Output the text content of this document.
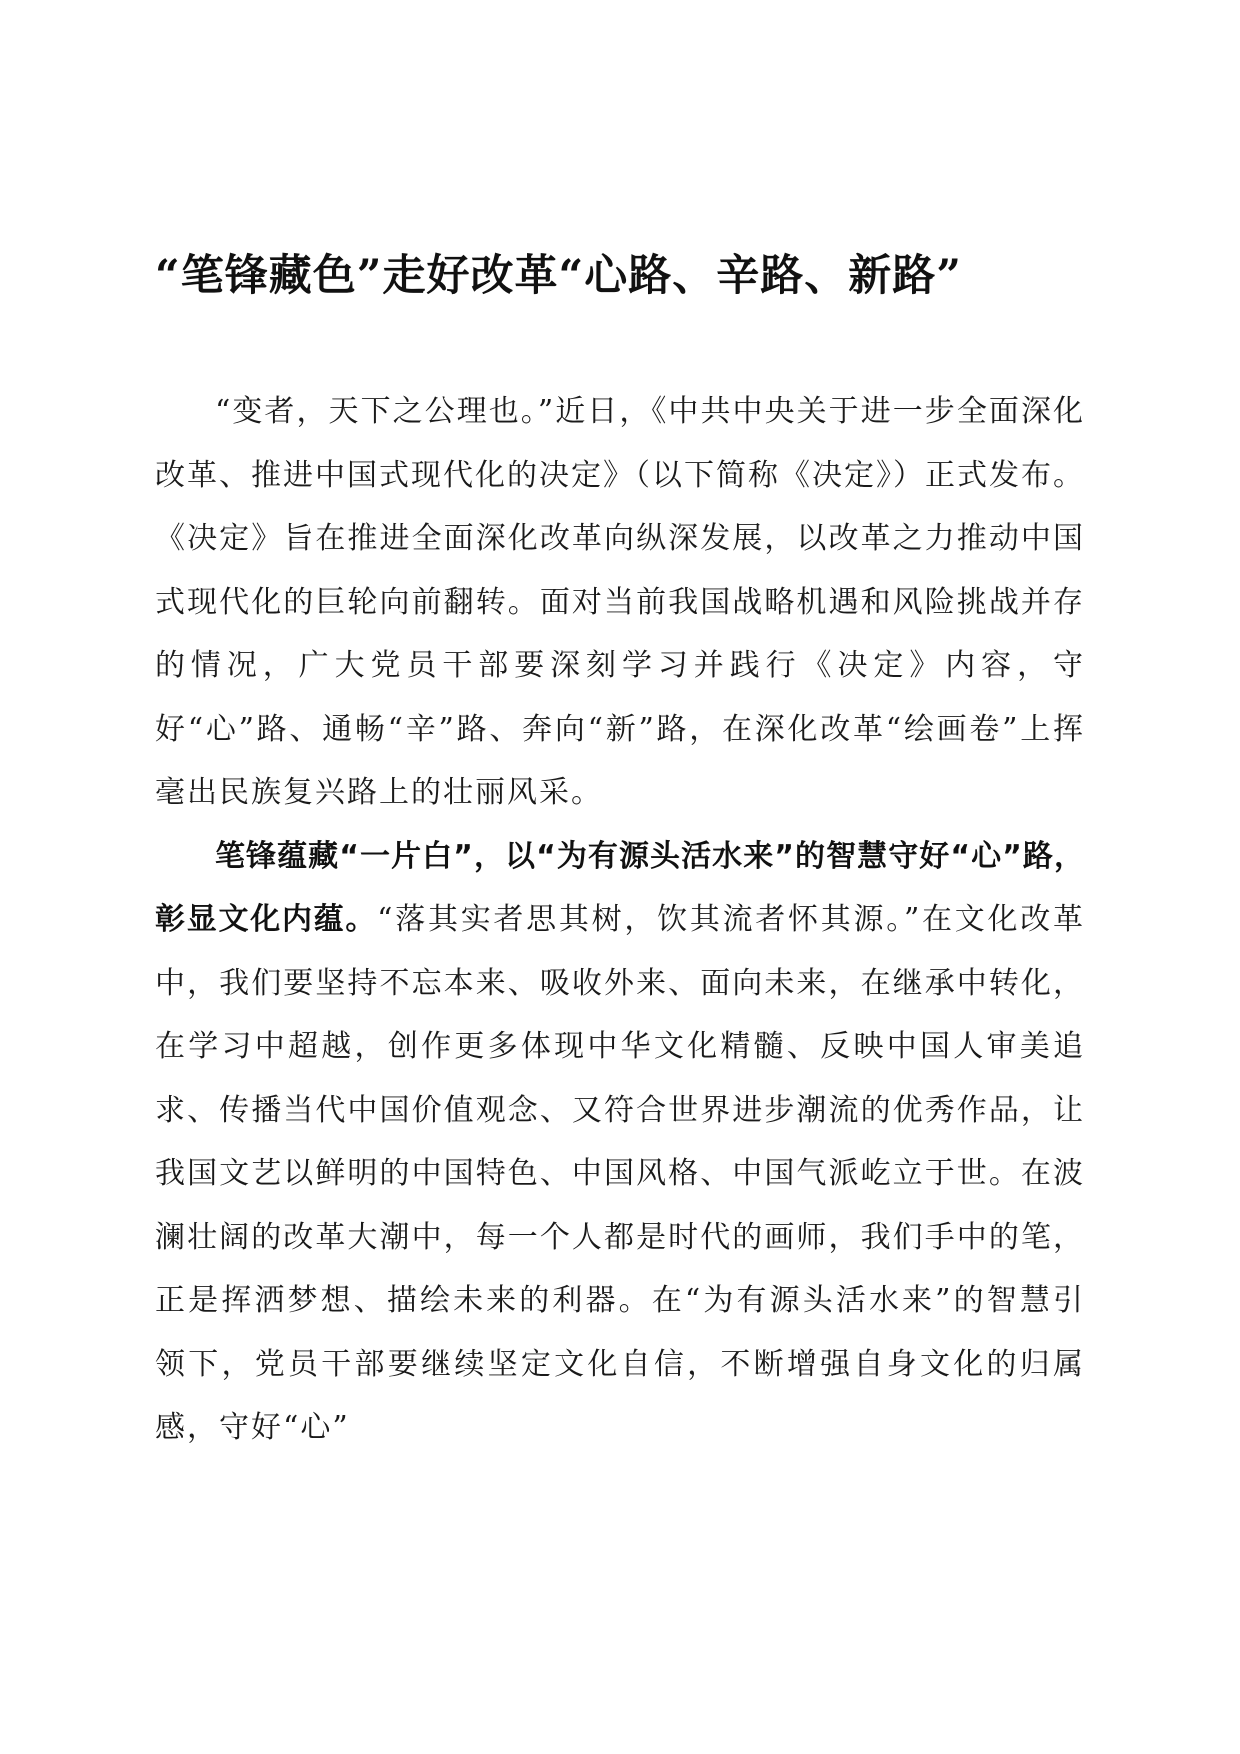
“笔锋藏色”走好改革“心路、辛路、新路”

“变者，天下之公理也。”近日，《中共中央关于进一步全面深化改革、推进中国式现代化的决定》（以下简称《决定》）正式发布。《决定》旨在推进全面深化改革向纵深发展，以改革之力推动中国式现代化的巨轮向前翻转。面对当前我国战略机遇和风险挑战并存的情况，广大党员干部要深刻学习并践行《决定》内容，守好“心”路、通畅“辛”路、奔向“新”路，在深化改革“绘画卷”上挥毫出民族复兴路上的壮丽风采。

笔锋蕴藏“一片白”，以“为有源头活水来”的智慧守好“心”路，彰显文化内蕴。“落其实者思其树，饮其流者怀其源。”在文化改革中，我们要坚持不忘本来、吸收外来、面向未来，在继承中转化，在学习中超越，创作更多体现中华文化精髓、反映中国人审美追求、传播当代中国价值观念、又符合世界进步潮流的优秀作品，让我国文艺以鲜明的中国特色、中国风格、中国气派屹立于世。在波澜壮阔的改革大潮中，每一个人都是时代的画师，我们手中的笔，正是挥洒梦想、描绘未来的利器。在“为有源头活水来”的智慧引领下，党员干部要继续坚定文化自信，不断增强自身文化的归属感，守好“心”
